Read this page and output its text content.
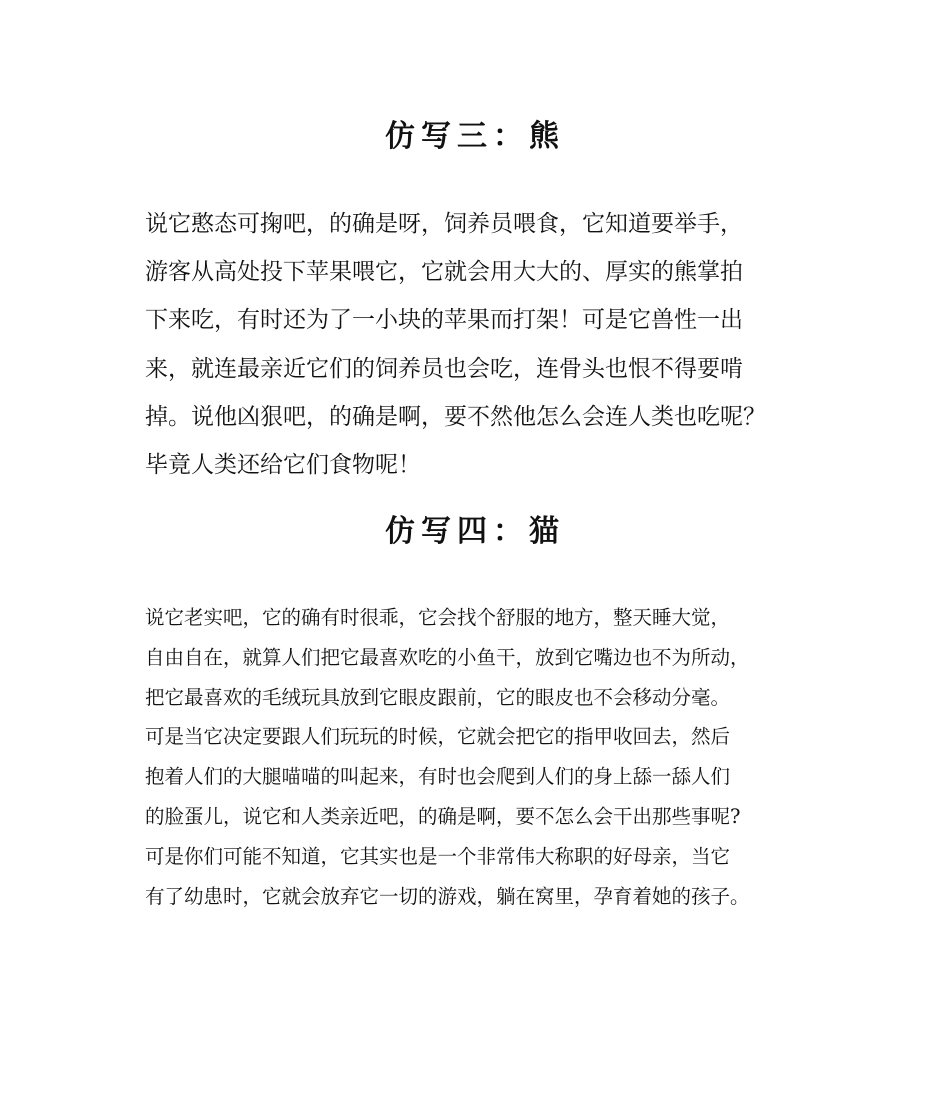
仿写三：熊
说它憨态可掬吧，的确是呀，饲养员喂食，它知道要举手，
游客从高处投下苹果喂它，它就会用大大的、厚实的熊掌拍
下来吃，有时还为了一小块的苹果而打架！可是它兽性一出
来，就连最亲近它们的饲养员也会吃，连骨头也恨不得要啃
掉。说他凶狠吧，的确是啊，要不然他怎么会连人类也吃呢？
毕竟人类还给它们食物呢！
仿写四：猫
说它老实吧，它的确有时很乖，它会找个舒服的地方，整天睡大觉，
自由自在，就算人们把它最喜欢吃的小鱼干，放到它嘴边也不为所动，
把它最喜欢的毛绒玩具放到它眼皮跟前，它的眼皮也不会移动分毫。
可是当它决定要跟人们玩玩的时候，它就会把它的指甲收回去，然后
抱着人们的大腿喵喵的叫起来，有时也会爬到人们的身上舔一舔人们
的脸蛋儿，说它和人类亲近吧，的确是啊，要不怎么会干出那些事呢?
可是你们可能不知道，它其实也是一个非常伟大称职的好母亲，当它
有了幼患时，它就会放弃它一切的游戏，躺在窝里，孕育着她的孩子。
